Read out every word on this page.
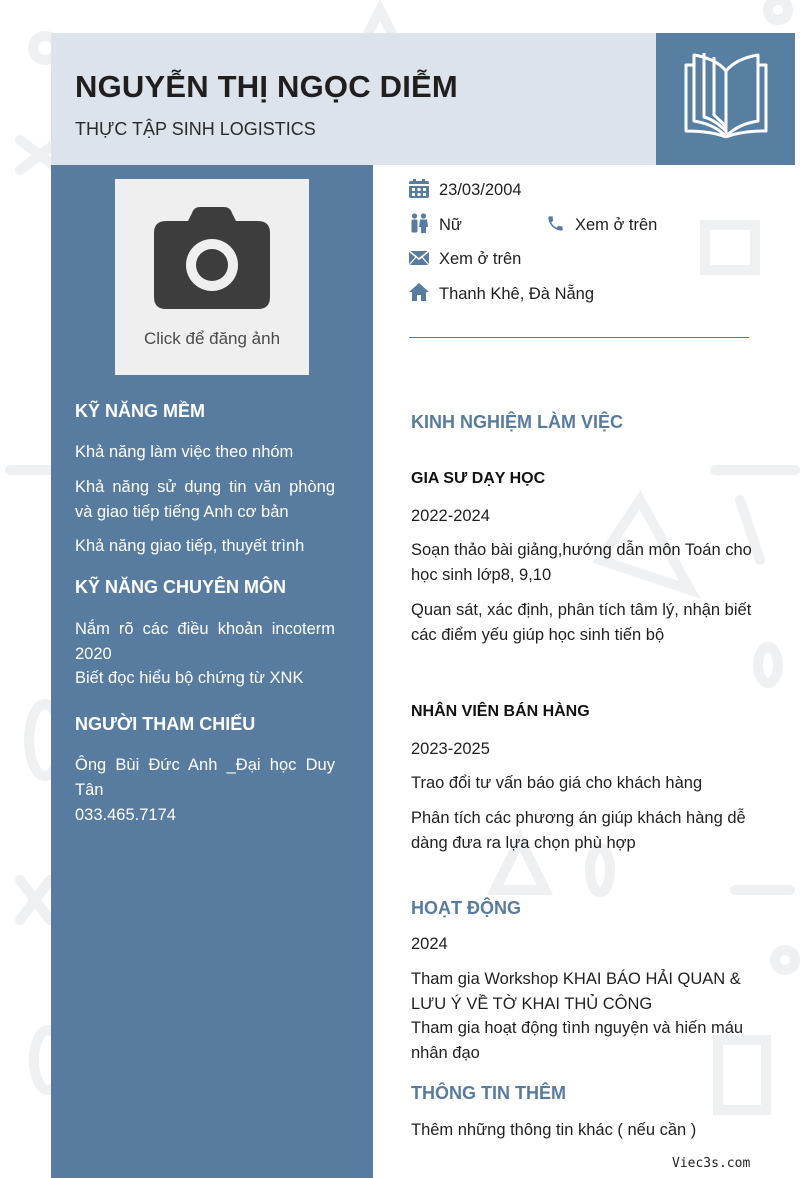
NGUYỄN THỊ NGỌC DIỄM
THỰC TẬP SINH LOGISTICS
Click để đăng ảnh
KỸ NĂNG MỀM
Khả năng làm việc theo nhóm
Khả năng sử dụng tin văn phòng và giao tiếp tiếng Anh cơ bản
Khả năng giao tiếp, thuyết trình
KỸ NĂNG CHUYÊN MÔN
Nắm rõ các điều khoản incoterm 2020
Biết đọc hiểu bộ chứng từ XNK
NGƯỜI THAM CHIẾU
Ông Bùi Đức Anh _Đại học Duy Tân
033.465.7174
23/03/2004
Nữ	Xem ở trên
Xem ở trên
Thanh Khê, Đà Nẵng
KINH NGHIỆM LÀM VIỆC
GIA SƯ DẠY HỌC
2022-2024
Soạn thảo bài giảng,hướng dẫn môn Toán cho học sinh lớp8, 9,10
Quan sát, xác định, phân tích tâm lý, nhận biết các điểm yếu giúp học sinh tiến bộ
NHÂN VIÊN BÁN HÀNG
2023-2025
Trao đổi tư vấn báo giá cho khách hàng
Phân tích các phương án giúp khách hàng dễ dàng đưa ra lựa chọn phù hợp
HOẠT ĐỘNG
2024
Tham gia Workshop KHAI BÁO HẢI QUAN & LƯU Ý VỀ TỜ KHAI THỦ CÔNG
Tham gia hoạt động tình nguyện và hiến máu nhân đạo
THÔNG TIN THÊM
Thêm những thông tin khác ( nếu cần )
Viec3s.com
